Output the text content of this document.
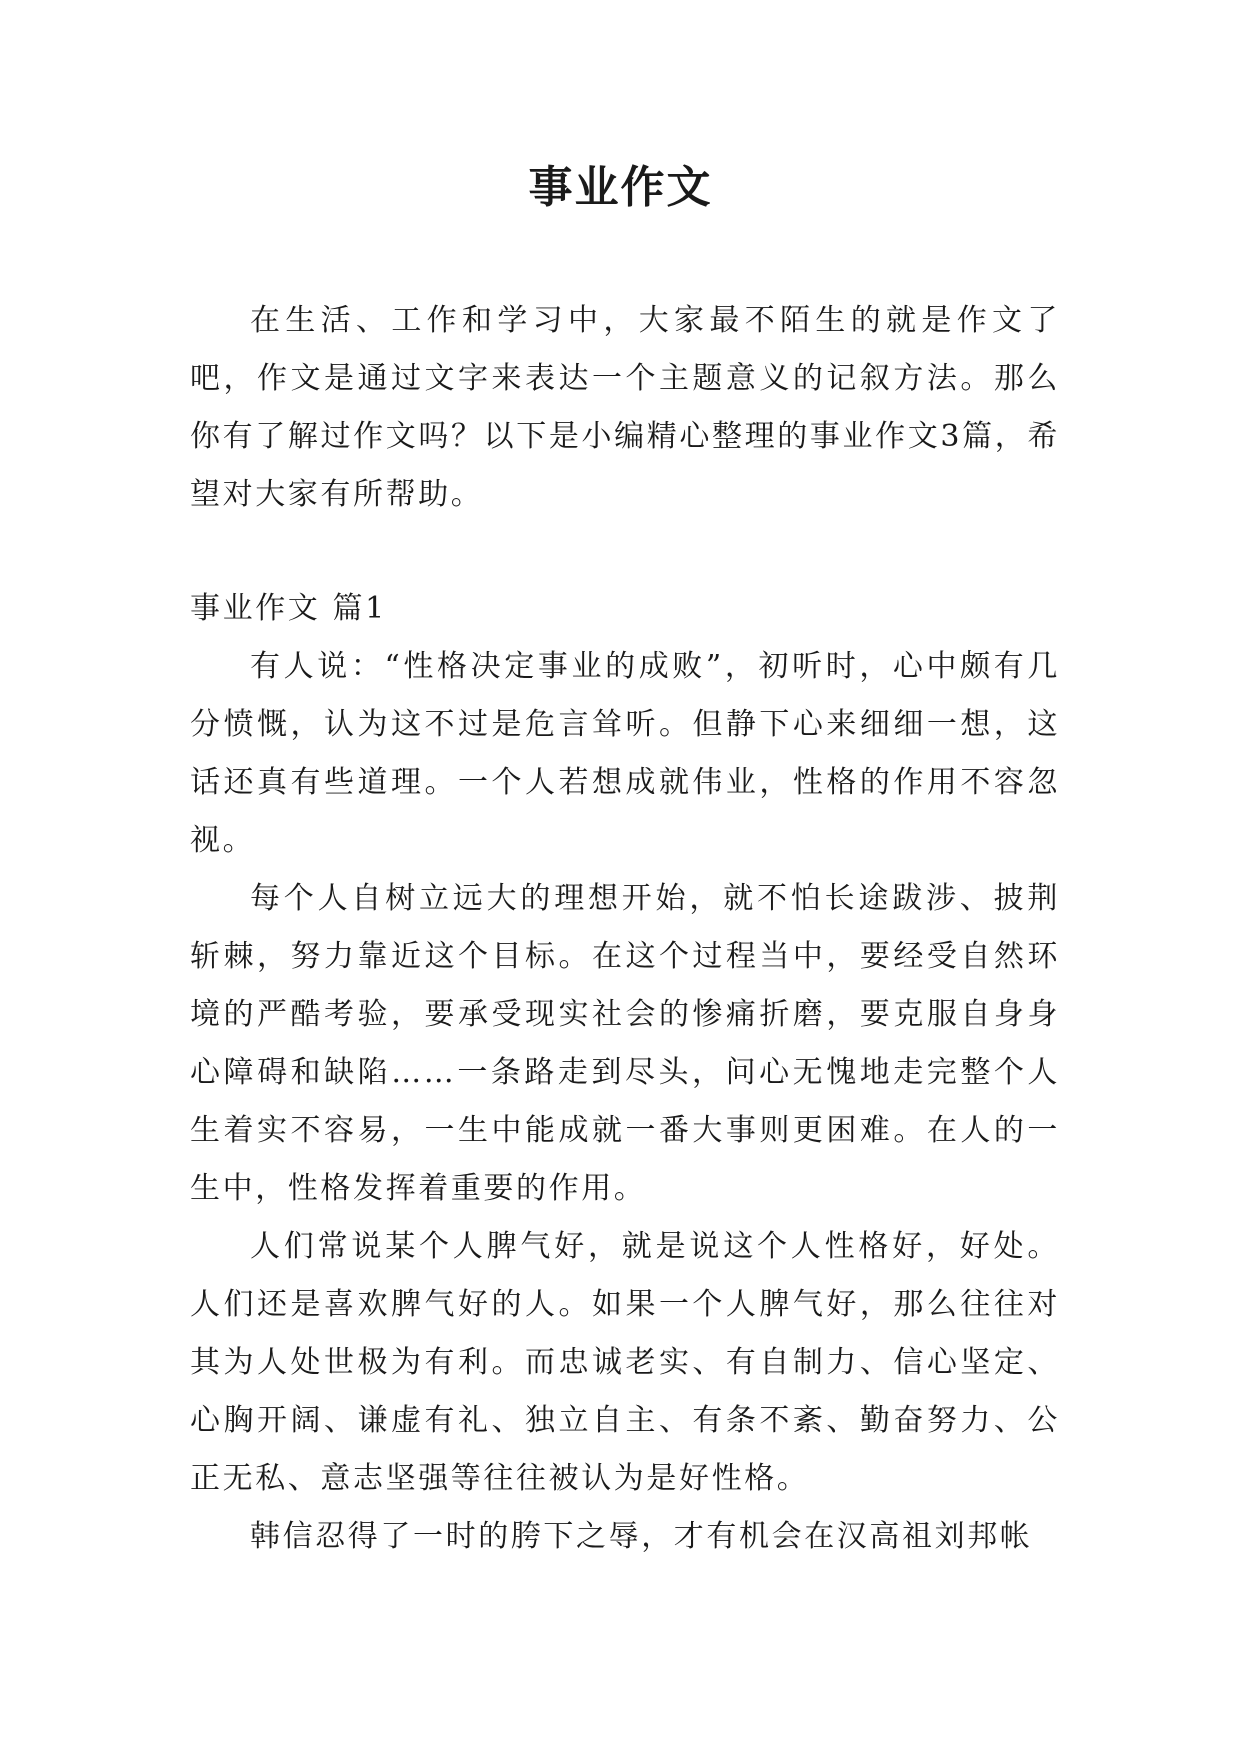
事业作文

在生活、工作和学习中，大家最不陌生的就是作文了吧，作文是通过文字来表达一个主题意义的记叙方法。那么你有了解过作文吗？以下是小编精心整理的事业作文3篇，希望对大家有所帮助。

事业作文 篇1

有人说：“性格决定事业的成败”，初听时，心中颇有几分愤慨，认为这不过是危言耸听。但静下心来细细一想，这话还真有些道理。一个人若想成就伟业，性格的作用不容忽视。

每个人自树立远大的理想开始，就不怕长途跋涉、披荆斩棘，努力靠近这个目标。在这个过程当中，要经受自然环境的严酷考验，要承受现实社会的惨痛折磨，要克服自身身心障碍和缺陷……一条路走到尽头，问心无愧地走完整个人生着实不容易，一生中能成就一番大事则更困难。在人的一生中，性格发挥着重要的作用。

人们常说某个人脾气好，就是说这个人性格好，好处。人们还是喜欢脾气好的人。如果一个人脾气好，那么往往对其为人处世极为有利。而忠诚老实、有自制力、信心坚定、心胸开阔、谦虚有礼、独立自主、有条不紊、勤奋努力、公正无私、意志坚强等往往被认为是好性格。

韩信忍得了一时的胯下之辱，才有机会在汉高祖刘邦帐
